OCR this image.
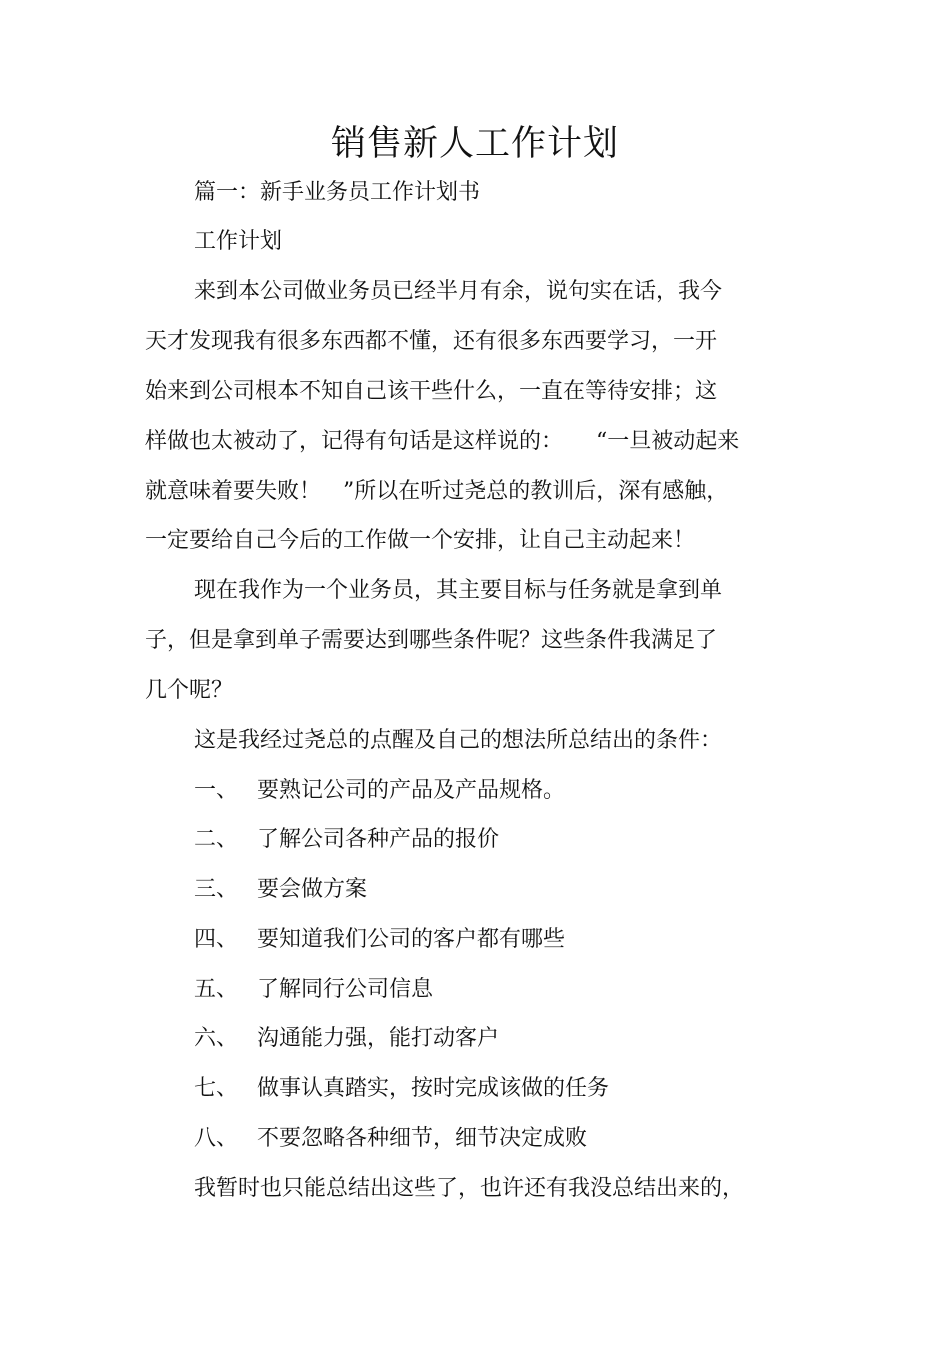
销售新人工作计划
篇一：新手业务员工作计划书
工作计划
来到本公司做业务员已经半月有余，说句实在话，我今
天才发现我有很多东西都不懂，还有很多东西要学习，一开
始来到公司根本不知自己该干些什么，一直在等待安排；这
样做也太被动了，记得有句话是这样说的：　　“一旦被动起来
就意味着要失败！　”所以在听过尧总的教训后，深有感触，
一定要给自己今后的工作做一个安排，让自己主动起来！
现在我作为一个业务员，其主要目标与任务就是拿到单
子，但是拿到单子需要达到哪些条件呢？这些条件我满足了
几个呢？
这是我经过尧总的点醒及自己的想法所总结出的条件：
一、 要熟记公司的产品及产品规格。
二、 了解公司各种产品的报价
三、 要会做方案
四、 要知道我们公司的客户都有哪些
五、 了解同行公司信息
六、 沟通能力强，能打动客户
七、 做事认真踏实，按时完成该做的任务
八、 不要忽略各种细节，细节决定成败
我暂时也只能总结出这些了，也许还有我没总结出来的，
